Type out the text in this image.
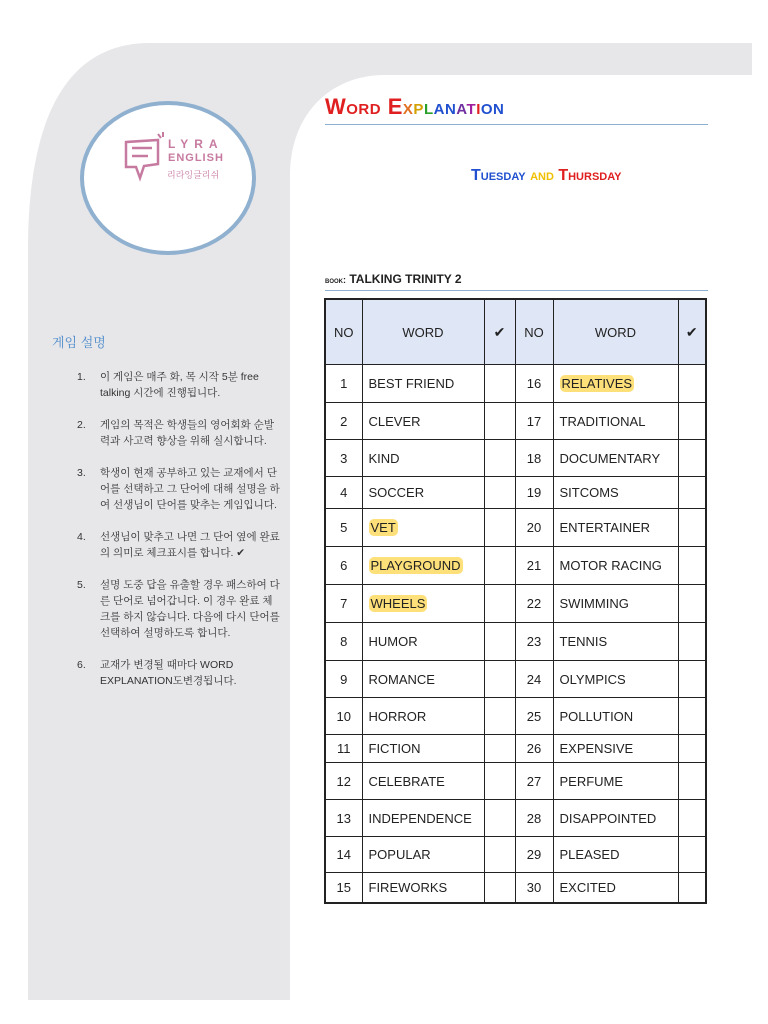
LYRA
ENGLISH
리라잉글리쉬
Word Explanation
Tuesday and Thursday
book: TALKING TRINITY 2
게임 설명
1. 이 게임은 매주 화, 목 시작 5분 free talking 시간에 진행됩니다.
2. 게임의 목적은 학생들의 영어회화 순발력과 사고력 향상을 위해 실시합니다.
3. 학생이 현재 공부하고 있는 교재에서 단어를 선택하고 그 단어에 대해 설명을 하여 선생님이 단어를 맞추는 게임입니다.
4. 선생님이 맞추고 나면 그 단어 옆에 완료의 의미로 체크표시를 합니다. ✔
5. 설명 도중 답을 유출할 경우 패스하여 다른 단어로 넘어갑니다. 이 경우 완료 체크를 하지 않습니다. 다음에 다시 단어를 선택하여 설명하도록 합니다.
6. 교재가 변경될 때마다 WORD EXPLANATION도변경됩니다.
NO	WORD	✔	NO	WORD	✔
1	BEST FRIEND		16	RELATIVES	
2	CLEVER		17	TRADITIONAL	
3	KIND		18	DOCUMENTARY	
4	SOCCER		19	SITCOMS	
5	VET		20	ENTERTAINER	
6	PLAYGROUND		21	MOTOR RACING	
7	WHEELS		22	SWIMMING	
8	HUMOR		23	TENNIS	
9	ROMANCE		24	OLYMPICS	
10	HORROR		25	POLLUTION	
11	FICTION		26	EXPENSIVE	
12	CELEBRATE		27	PERFUME	
13	INDEPENDENCE		28	DISAPPOINTED	
14	POPULAR		29	PLEASED	
15	FIREWORKS		30	EXCITED	
